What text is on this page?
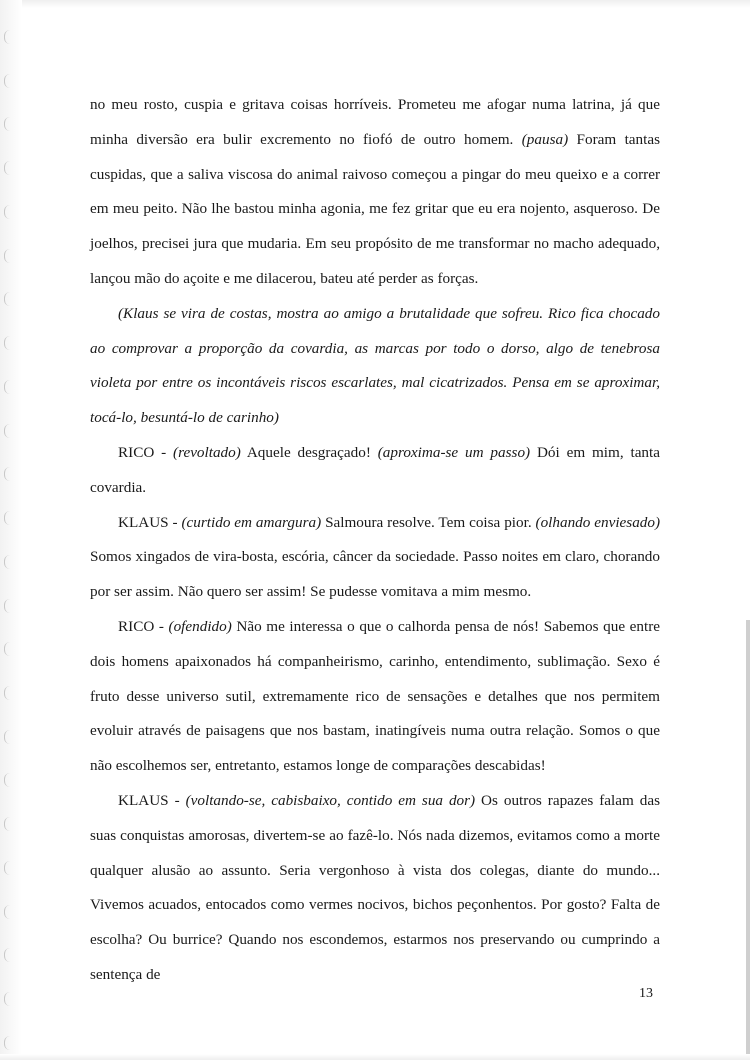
no meu rosto, cuspia e gritava coisas horríveis. Prometeu me afogar numa latrina, já que minha diversão era bulir excremento no fiofó de outro homem. (pausa) Foram tantas cuspidas, que a saliva viscosa do animal raivoso começou a pingar do meu queixo e a correr em meu peito. Não lhe bastou minha agonia, me fez gritar que eu era nojento, asqueroso. De joelhos, precisei jura que mudaria. Em seu propósito de me transformar no macho adequado, lançou mão do açoite e me dilacerou, bateu até perder as forças.

(Klaus se vira de costas, mostra ao amigo a brutalidade que sofreu. Rico fica chocado ao comprovar a proporção da covardia, as marcas por todo o dorso, algo de tenebrosa violeta por entre os incontáveis riscos escarlates, mal cicatrizados. Pensa em se aproximar, tocá-lo, besuntá-lo de carinho)

RICO - (revoltado) Aquele desgraçado! (aproxima-se um passo) Dói em mim, tanta covardia.

KLAUS - (curtido em amargura) Salmoura resolve. Tem coisa pior. (olhando enviesado) Somos xingados de vira-bosta, escória, câncer da sociedade. Passo noites em claro, chorando por ser assim. Não quero ser assim! Se pudesse vomitava a mim mesmo.

RICO - (ofendido) Não me interessa o que o calhorda pensa de nós! Sabemos que entre dois homens apaixonados há companheirismo, carinho, entendimento, sublimação. Sexo é fruto desse universo sutil, extremamente rico de sensações e detalhes que nos permitem evoluir através de paisagens que nos bastam, inatingíveis numa outra relação. Somos o que não escolhemos ser, entretanto, estamos longe de comparações descabidas!

KLAUS - (voltando-se, cabisbaixo, contido em sua dor) Os outros rapazes falam das suas conquistas amorosas, divertem-se ao fazê-lo. Nós nada dizemos, evitamos como a morte qualquer alusão ao assunto. Seria vergonhoso à vista dos colegas, diante do mundo... Vivemos acuados, entocados como vermes nocivos, bichos peçonhentos. Por gosto? Falta de escolha? Ou burrice? Quando nos escondemos, estarmos nos preservando ou cumprindo a sentença de

13
